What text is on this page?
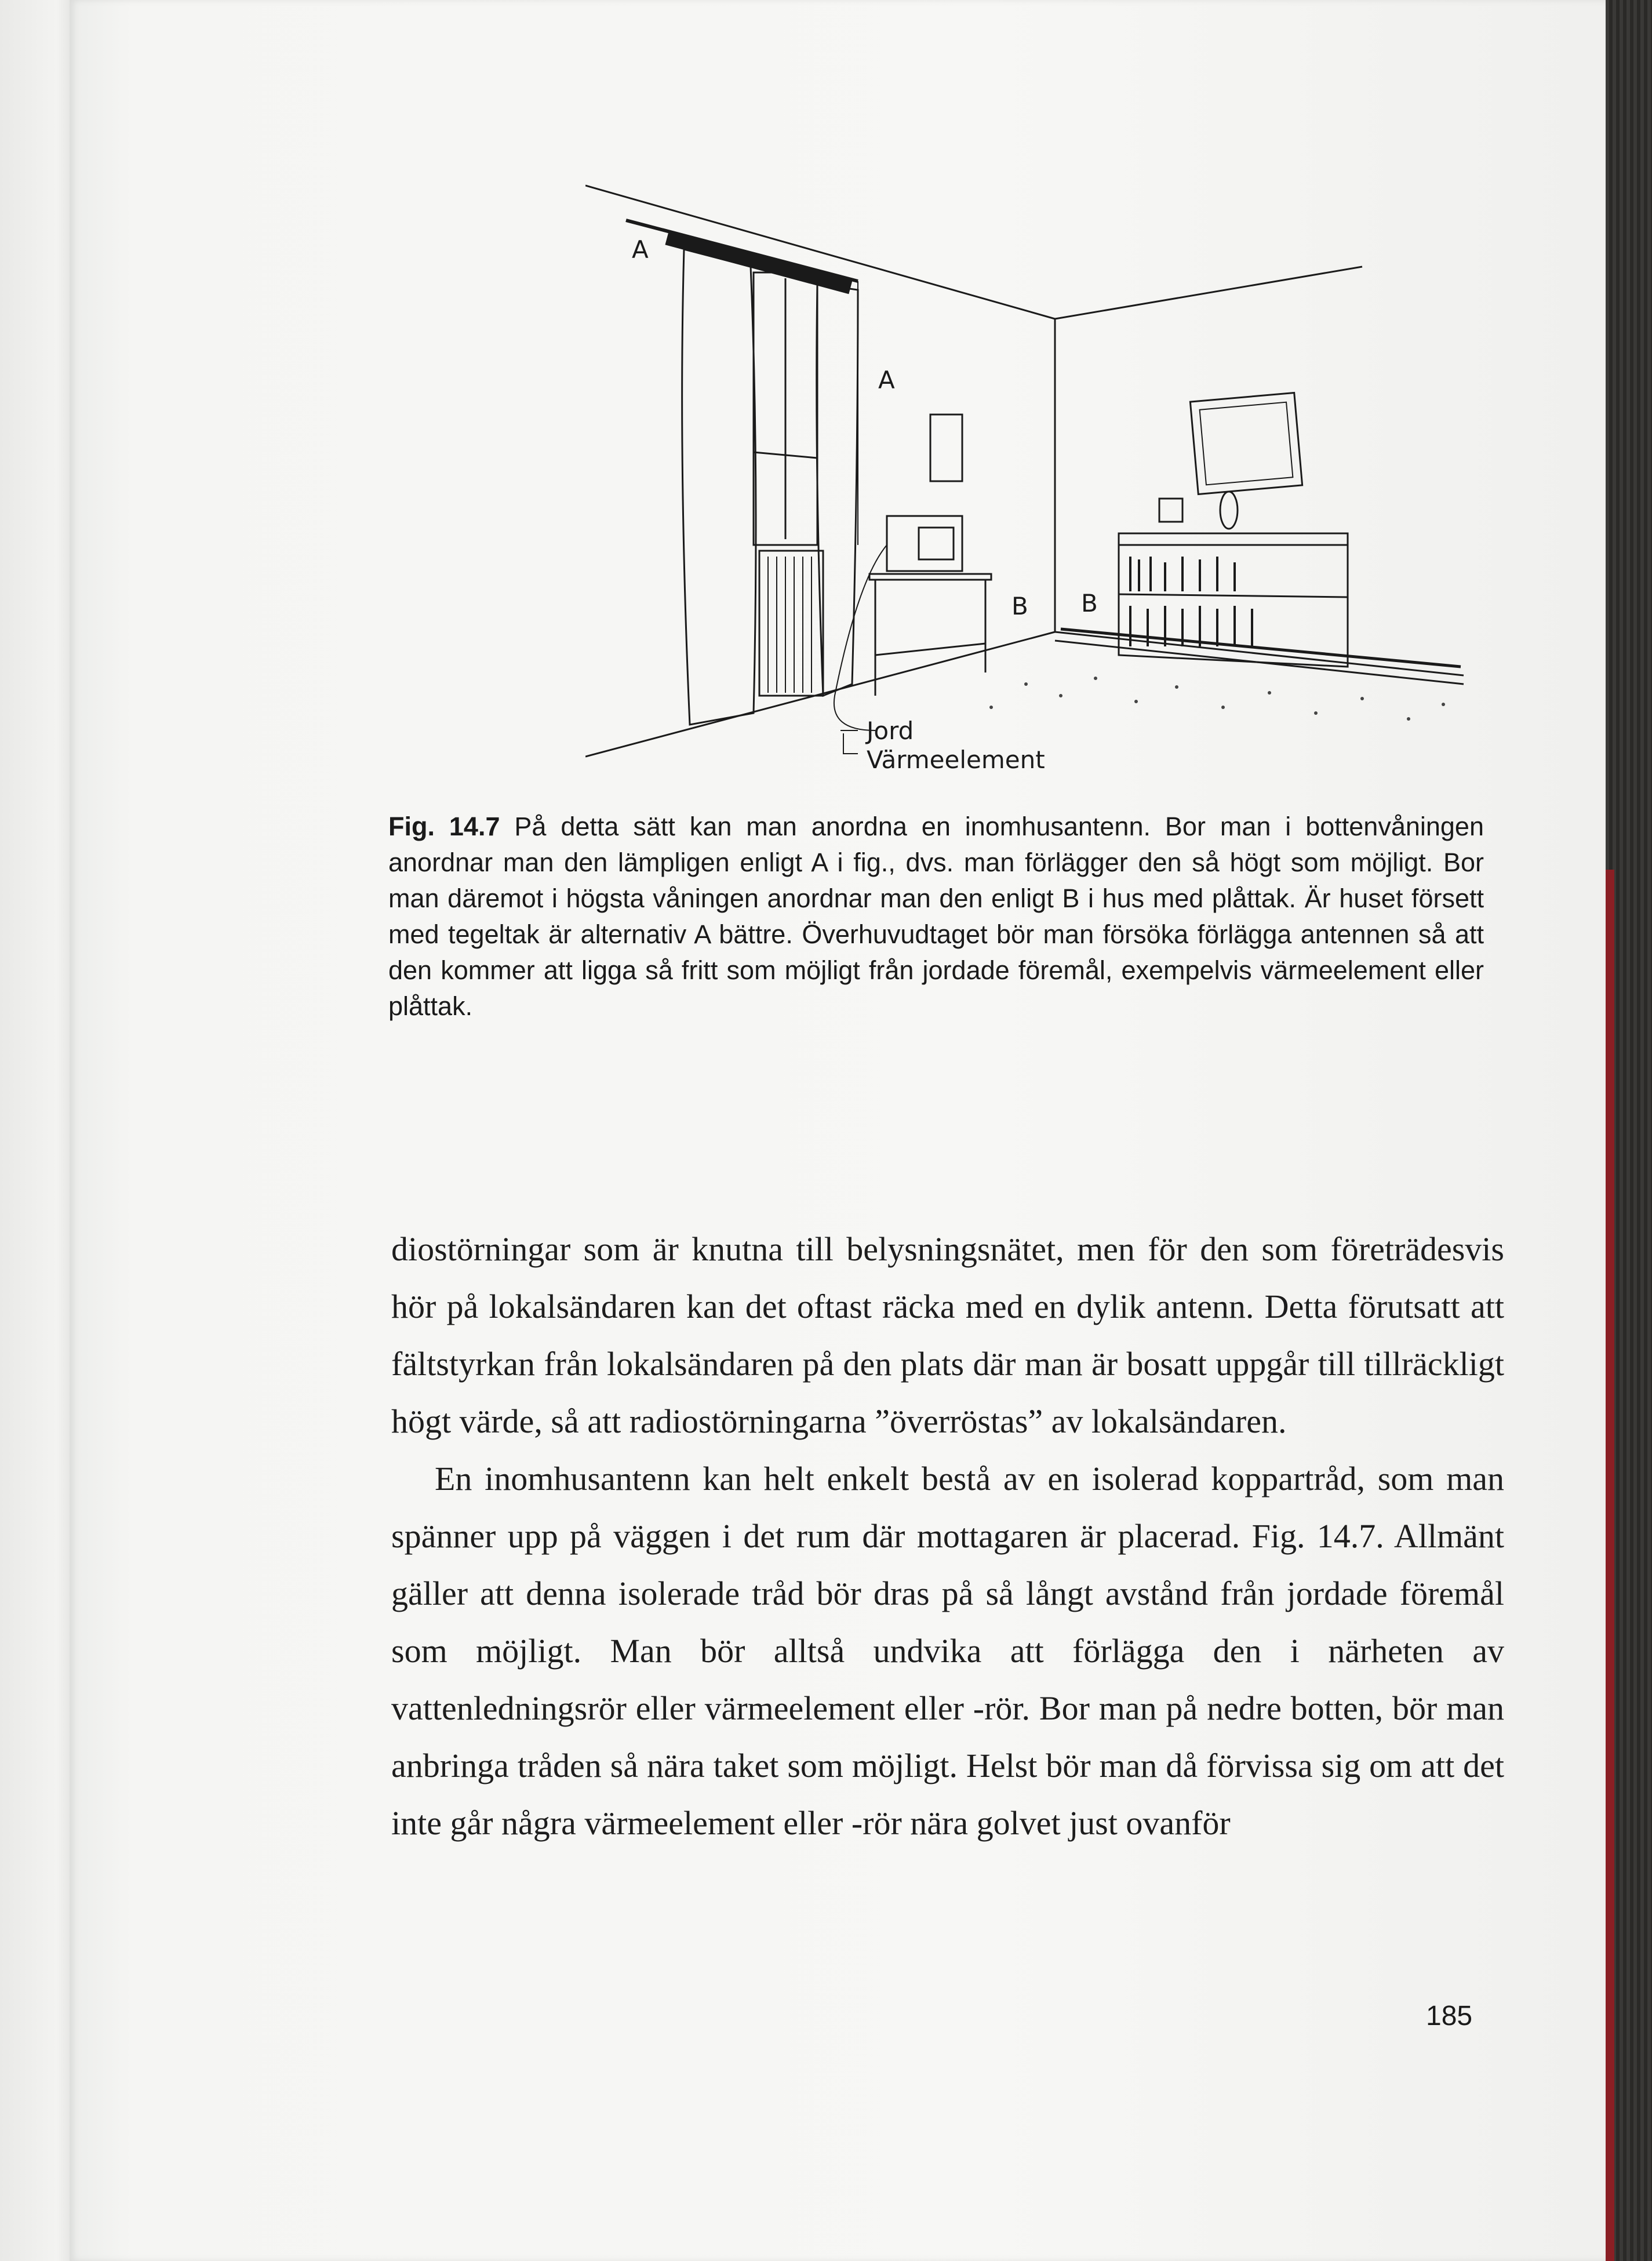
A
A
B B
Jord
Värmeelement
Fig. 14.7 På detta sätt kan man anordna en inomhusantenn. Bor man i bottenvåningen anordnar man den lämpligen enligt A i fig., dvs. man förlägger den så högt som möjligt. Bor man däremot i högsta våningen anordnar man den enligt B i hus med plåttak. Är huset försett med tegeltak är alternativ A bättre. Överhuvudtaget bör man försöka förlägga antennen så att den kommer att ligga så fritt som möjligt från jordade föremål, exempelvis värmeelement eller plåttak.

diostörningar som är knutna till belysningsnätet, men för den som företrädesvis hör på lokalsändaren kan det oftast räcka med en dylik antenn. Detta förutsatt att fältstyrkan från lokalsändaren på den plats där man är bosatt uppgår till tillräckligt högt värde, så att radiostörningarna ”överröstas” av lokalsändaren.

En inomhusantenn kan helt enkelt bestå av en isolerad koppartråd, som man spänner upp på väggen i det rum där mottagaren är placerad. Fig. 14.7. Allmänt gäller att denna isolerade tråd bör dras på så långt avstånd från jordade föremål som möjligt. Man bör alltså undvika att förlägga den i närheten av vattenledningsrör eller värmeelement eller -rör. Bor man på nedre botten, bör man anbringa tråden så nära taket som möjligt. Helst bör man då förvissa sig om att det inte går några värmeelement eller -rör nära golvet just ovanför

185
